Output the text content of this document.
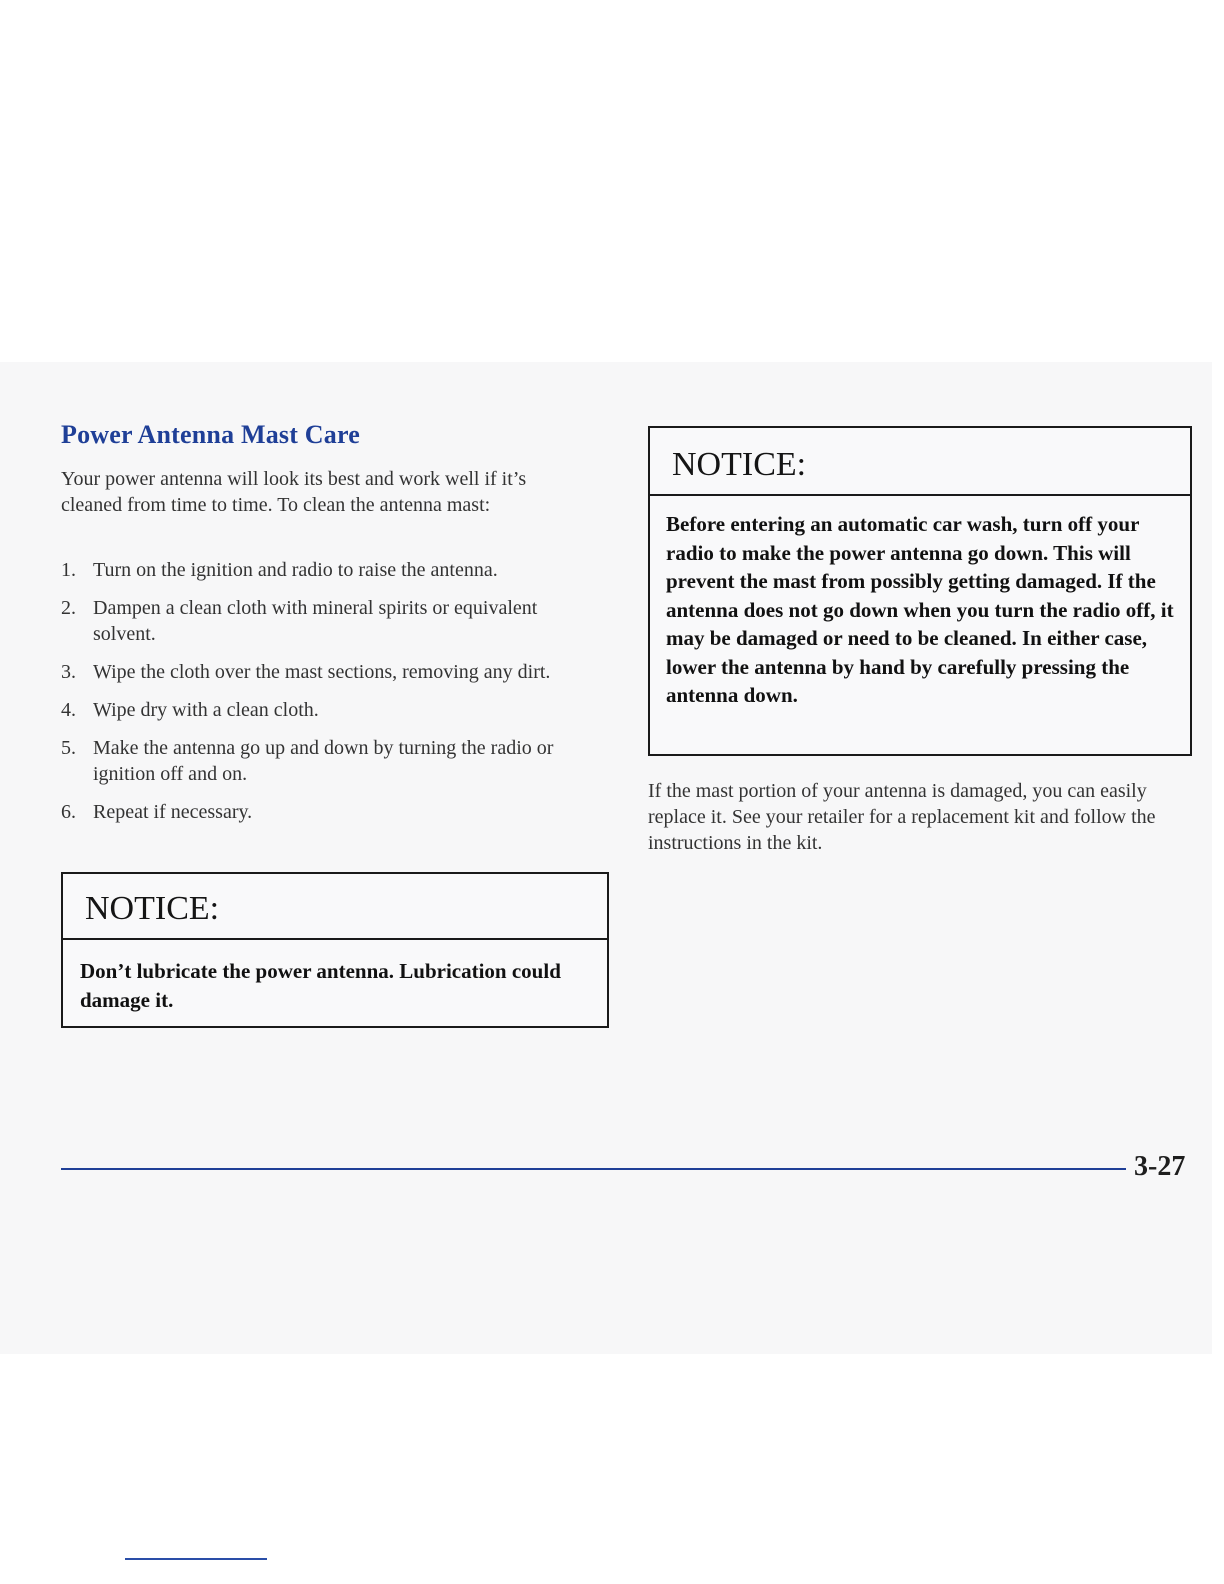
Power Antenna Mast Care

Your power antenna will look its best and work well if it’s cleaned from time to time. To clean the antenna mast:

1. Turn on the ignition and radio to raise the antenna.
2. Dampen a clean cloth with mineral spirits or equivalent solvent.
3. Wipe the cloth over the mast sections, removing any dirt.
4. Wipe dry with a clean cloth.
5. Make the antenna go up and down by turning the radio or ignition off and on.
6. Repeat if necessary.
NOTICE:
Don’t lubricate the power antenna. Lubrication could damage it.
NOTICE:
Before entering an automatic car wash, turn off your radio to make the power antenna go down. This will prevent the mast from possibly getting damaged. If the antenna does not go down when you turn the radio off, it may be damaged or need to be cleaned. In either case, lower the antenna by hand by carefully pressing the antenna down.

If the mast portion of your antenna is damaged, you can easily replace it. See your retailer for a replacement kit and follow the instructions in the kit.

3-27
